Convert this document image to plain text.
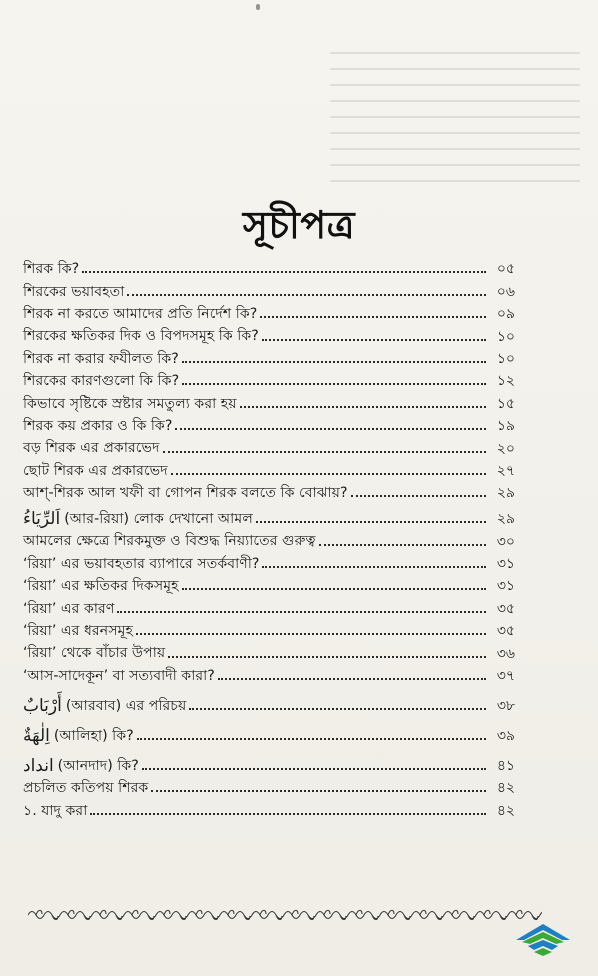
সূচীপত্র
শিরক কি?	০৫
শিরকের ভয়াবহতা	০৬
শিরক না করতে আমাদের প্রতি নির্দেশ কি?	০৯
শিরকের ক্ষতিকর দিক ও বিপদসমূহ কি কি?	১০
শিরক না করার ফযীলত কি?	১০
শিরকের কারণগুলো কি কি?	১২
কিভাবে সৃষ্টিকে স্রষ্টার সমতুল্য করা হয়	১৫
শিরক কয় প্রকার ও কি কি?	১৯
বড় শিরক এর প্রকারভেদ	২০
ছোট শিরক এর প্রকারভেদ	২৭
আশ্-শিরক আল খফী বা গোপন শিরক বলতে কি বোঝায়?	২৯
اَلرِّيَاءُ (আর-রিয়া) লোক দেখানো আমল	২৯
আমলের ক্ষেত্রে শিরকমুক্ত ও বিশুদ্ধ নিয়্যাতের গুরুত্ব	৩০
‘রিয়া’ এর ভয়াবহতার ব্যাপারে সতর্কবাণী?	৩১
‘রিয়া’ এর ক্ষতিকর দিকসমূহ	৩১
‘রিয়া’ এর কারণ	৩৫
‘রিয়া’ এর ধরনসমূহ	৩৫
‘রিয়া’ থেকে বাঁচার উপায়	৩৬
‘আস-সাদেকূন’ বা সত্যবাদী কারা?	৩৭
أَرْبَابٌ (আরবাব) এর পরিচয়	৩৮
اِلٰهَةٌ (আলিহা) কি?	৩৯
انداد (আনদাদ) কি?	৪১
প্রচলিত কতিপয় শিরক	৪২
১. যাদু করা	৪২
